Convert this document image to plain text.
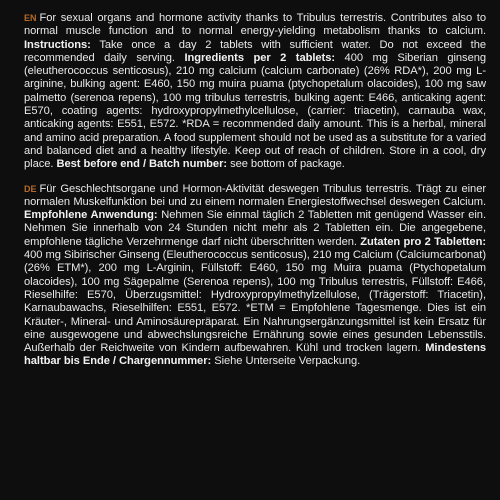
EN For sexual organs and hormone activity thanks to Tribulus terrestris. Contributes also to normal muscle function and to normal energy-yielding metabolism thanks to calcium. Instructions: Take once a day 2 tablets with sufficient water. Do not exceed the recommended daily serving. Ingredients per 2 tablets: 400 mg Siberian ginseng (eleutherococcus senticosus), 210 mg calcium (calcium carbonate) (26% RDA*), 200 mg L-arginine, bulking agent: E460, 150 mg muira puama (ptychopetalum olacoides), 100 mg saw palmetto (serenoa repens), 100 mg tribulus terrestris, bulking agent: E466, anticaking agent: E570, coating agents: hydroxypropylmethylcellulose, (carrier: triacetin), carnauba wax, anticaking agents: E551, E572. *RDA = recommended daily amount. This is a herbal, mineral and amino acid preparation. A food supplement should not be used as a substitute for a varied and balanced diet and a healthy lifestyle. Keep out of reach of children. Store in a cool, dry place. Best before end / Batch number: see bottom of package.
DE Für Geschlechtsorgane und Hormon-Aktivität deswegen Tribulus terrestris. Trägt zu einer normalen Muskelfunktion bei und zu einem normalen Energiestoffwechsel deswegen Calcium. Empfohlene Anwendung: Nehmen Sie einmal täglich 2 Tabletten mit genügend Wasser ein. Nehmen Sie innerhalb von 24 Stunden nicht mehr als 2 Tabletten ein. Die angegebene, empfohlene tägliche Verzehrmenge darf nicht überschritten werden. Zutaten pro 2 Tabletten: 400 mg Sibirischer Ginseng (Eleutherococcus senticosus), 210 mg Calcium (Calciumcarbonat) (26% ETM*), 200 mg L-Arginin, Füllstoff: E460, 150 mg Muira puama (Ptychopetalum olacoides), 100 mg Sägepalme (Serenoa repens), 100 mg Tribulus terrestris, Füllstoff: E466, Rieselhilfe: E570, Überzugsmittel: Hydroxypropylmethylzellulose, (Trägerstoff: Triacetin), Karnaubawachs, Rieselhilfen: E551, E572. *ETM = Empfohlene Tagesmenge. Dies ist ein Kräuter-, Mineral- und Aminosäurepräparat. Ein Nahrungsergänzungsmittel ist kein Ersatz für eine ausgewogene und abwechslungsreiche Ernährung sowie eines gesunden Lebensstils. Außerhalb der Reichweite von Kindern aufbewahren. Kühl und trocken lagern. Mindestens haltbar bis Ende / Chargennummer: Siehe Unterseite Verpackung.
